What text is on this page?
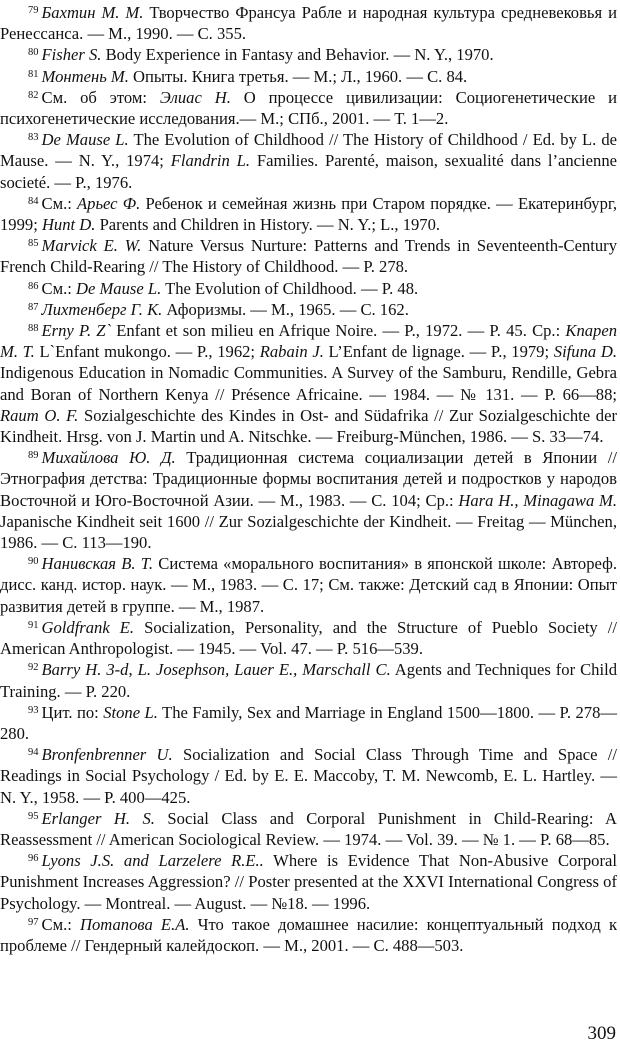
$^{79}$ Бахтин М. М. Творчество Франсуа Рабле и народная культура средневековья и Ренессанса. — М., 1990. — С. 355.

$^{80}$ Fisher S. Body Experience in Fantasy and Behavior. — N. Y., 1970.

$^{81}$ Монтень М. Опыты. Книга третья. — М.; Л., 1960. — С. 84.

$^{82}$ См. об этом: Элиас Н. О процессе цивилизации: Социогенетические и психогенетические исследования.— М.; СПб., 2001. — Т. 1—2.

$^{83}$ De Mause L. The Evolution of Childhood // The History of Childhood / Ed. by L. de Mause. — N. Y., 1974; Flandrin L. Families. Parenté, maison, sexualité dans l’ancienne societé. — P., 1976.

$^{84}$ См.: Арьес Ф. Ребенок и семейная жизнь при Старом порядке. — Екатеринбург, 1999; Hunt D. Parents and Children in History. — N. Y.; L., 1970.

$^{85}$ Marvick E. W. Nature Versus Nurture: Patterns and Trends in Seventeenth-Century French Child-Rearing // The History of Childhood. — P. 278.

$^{86}$ См.: De Mause L. The Evolution of Childhood. — P. 48.

$^{87}$ Лихтенберг Г. К. Афоризмы. — М., 1965. — С. 162.

$^{88}$ Erny P. Z` Enfant et son milieu en Afrique Noire. — P., 1972. — P. 45. Cp.: Knapen M. T. L`Enfant mukongo. — P., 1962; Rabain J. L’Enfant de lignage. — P., 1979; Sifuna D. Indigenous Education in Nomadic Communities. A Survey of the Samburu, Rendille, Gebra and Boran of Northern Kenya // Présence Africaine. — 1984. — № 131. — P. 66—88; Raum O. F. Sozialgeschichte des Kindes in Ost- and Südafrika // Zur Sozialgeschichte der Kindheit. Hrsg. von J. Martin und A. Nitschke. — Freiburg-München, 1986. — S. 33—74.

$^{89}$ Михайлова Ю. Д. Традиционная система социализации детей в Японии // Этнография детства: Традиционные формы воспитания детей и подростков у народов Восточной и Юго-Восточной Азии. — М., 1983. — С. 104; Ср.: Hara H., Minagawa M. Japanische Kindheit seit 1600 // Zur Sozialgeschichte der Kindheit. — Freitag — München, 1986. — С. 113—190.

$^{90}$ Нанивская В. Т. Система «морального воспитания» в японской школе: Автореф. дисс. канд. истор. наук. — М., 1983. — С. 17; См. также: Детский сад в Японии: Опыт развития детей в группе. — М., 1987.

$^{91}$ Goldfrank E. Socialization, Personality, and the Structure of Pueblo Society // American Anthropologist. — 1945. — Vol. 47. — P. 516—539.

$^{92}$ Barry H. 3-d, L. Josephson, Lauer E., Marschall C. Agents and Techniques for Child Training. — P. 220.

$^{93}$ Цит. по: Stone L. The Family, Sex and Marriage in England 1500—1800. — P. 278—280.

$^{94}$ Bronfenbrenner U. Socialization and Social Class Through Time and Space // Readings in Social Psychology / Ed. by E. E. Maccoby, T. M. Newcomb, E. L. Hartley. — N. Y., 1958. — P. 400—425.

$^{95}$ Erlanger H. S. Social Class and Corporal Punishment in Child-Rearing: A Reassessment // American Sociological Review. — 1974. — Vol. 39. — № 1. — P. 68—85.

$^{96}$ Lyons J.S. and Larzelere R.E.. Where is Evidence That Non-Abusive Corporal Punishment Increases Aggression? // Poster presented at the XXVI International Congress of Psychology. — Montreal. — August. — №18. — 1996.

$^{97}$ См.: Потапова Е.А. Что такое домашнее насилие: концептуальный подход к проблеме // Гендерный калейдоскоп. — М., 2001. — С. 488—503.

309
